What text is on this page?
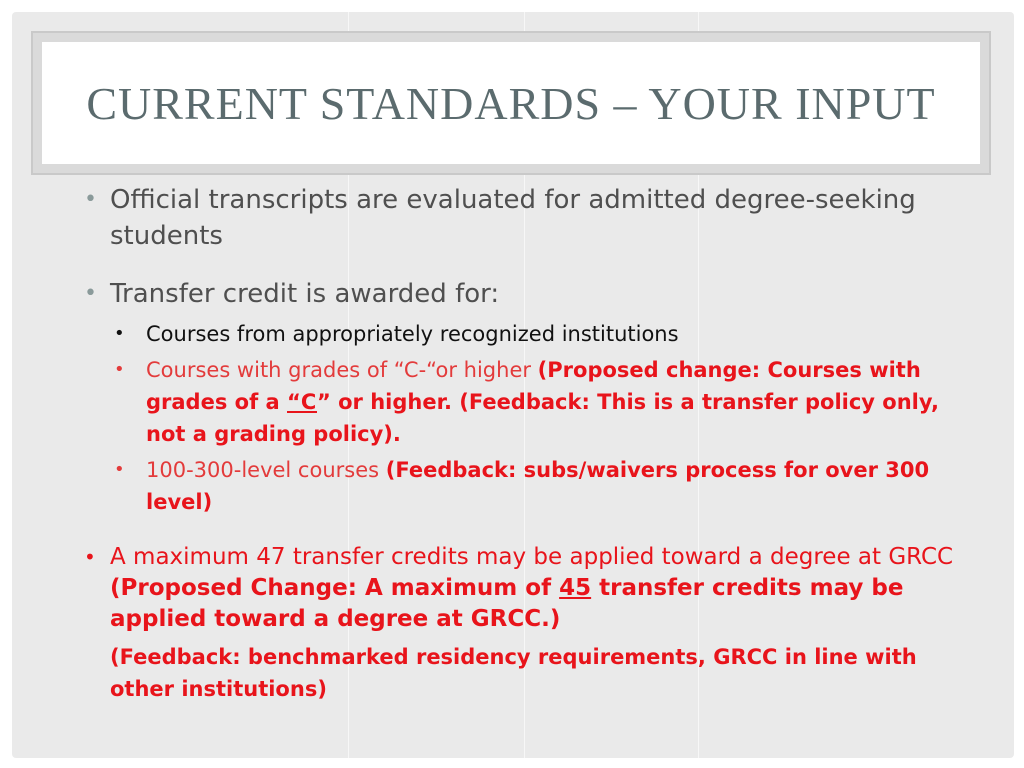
CURRENT STANDARDS – YOUR INPUT
• Official transcripts are evaluated for admitted degree-seeking students
• Transfer credit is awarded for:
• Courses from appropriately recognized institutions
• Courses with grades of “C-“or higher (Proposed change: Courses with grades of a “C” or higher. (Feedback: This is a transfer policy only, not a grading policy).
• 100-300-level courses (Feedback: subs/waivers process for over 300 level)
• A maximum 47 transfer credits may be applied toward a degree at GRCC (Proposed Change: A maximum of 45 transfer credits may be applied toward a degree at GRCC.)
(Feedback: benchmarked residency requirements, GRCC in line with other institutions)
